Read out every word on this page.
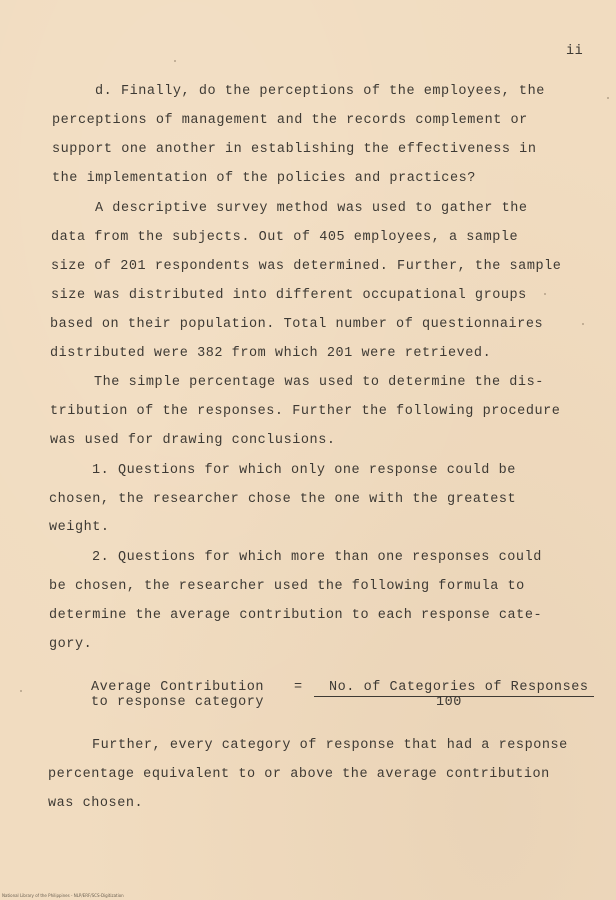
ii
d. Finally, do the perceptions of the employees, the
perceptions of management and the records complement or
support one another in establishing the effectiveness in
the implementation of the policies and practices?
A descriptive survey method was used to gather the
data from the subjects. Out of 405 employees, a sample
size of 201 respondents was determined. Further, the sample
size was distributed into different occupational groups
based on their population. Total number of questionnaires
distributed were 382 from which 201 were retrieved.
The simple percentage was used to determine the dis-
tribution of the responses. Further the following procedure
was used for drawing conclusions.
1. Questions for which only one response could be
chosen, the researcher chose the one with the greatest
weight.
2. Questions for which more than one responses could
be chosen, the researcher used the following formula to
determine the average contribution to each response cate-
gory.
Average Contribution
to response category
= No. of Categories of Responses
100
Further, every category of response that had a response
percentage equivalent to or above the average contribution
was chosen.
National Library of the Philippines - NLP/ERF/SCS-Digitization
